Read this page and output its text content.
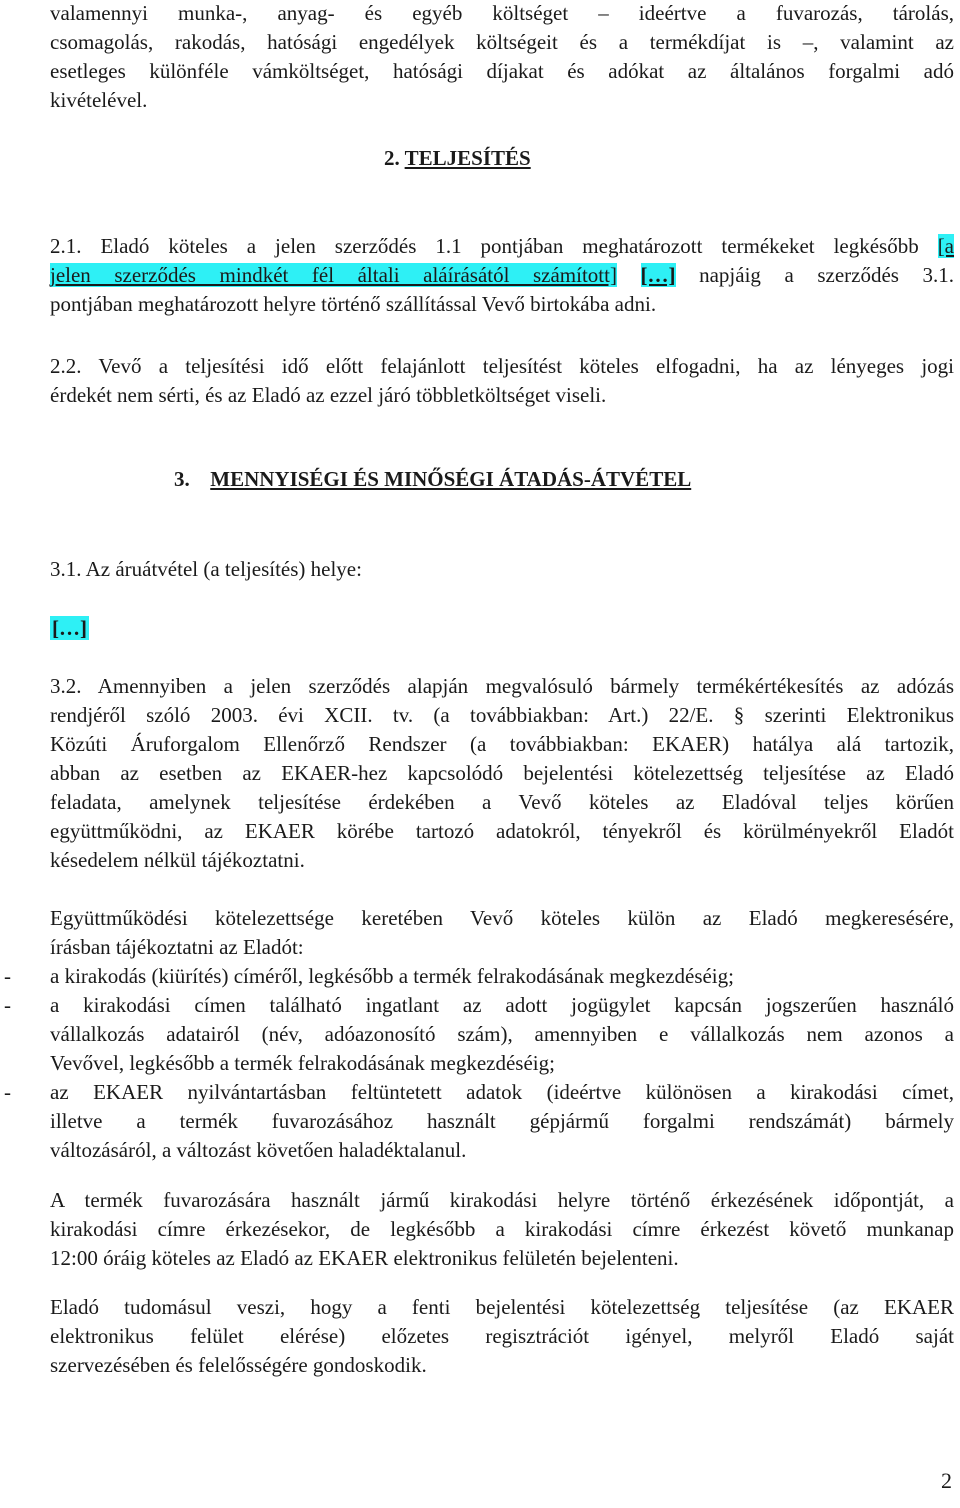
valamennyi munka-, anyag- és egyéb költséget – ideértve a fuvarozás, tárolás,
csomagolás, rakodás, hatósági engedélyek költségeit és a termékdíjat is –, valamint az
esetleges különféle vámköltséget, hatósági díjakat és adókat az általános forgalmi adó
kivételével.
2. TELJESÍTÉS
2.1. Eladó köteles a jelen szerződés 1.1 pontjában meghatározott termékeket legkésőbb [a
jelen szerződés mindkét fél általi aláírásától számított] […] napjáig a szerződés 3.1.
pontjában meghatározott helyre történő szállítással Vevő birtokába adni.
2.2. Vevő a teljesítési idő előtt felajánlott teljesítést köteles elfogadni, ha az lényeges jogi
érdekét nem sérti, és az Eladó az ezzel járó többletköltséget viseli.
3. MENNYISÉGI ÉS MINŐSÉGI ÁTADÁS-ÁTVÉTEL
3.1. Az áruátvétel (a teljesítés) helye:
[…]
3.2. Amennyiben a jelen szerződés alapján megvalósuló bármely termékértékesítés az adózás
rendjéről szóló 2003. évi XCII. tv. (a továbbiakban: Art.) 22/E. § szerinti Elektronikus
Közúti Áruforgalom Ellenőrző Rendszer (a továbbiakban: EKAER) hatálya alá tartozik,
abban az esetben az EKAER-hez kapcsolódó bejelentési kötelezettség teljesítése az Eladó
feladata, amelynek teljesítése érdekében a Vevő köteles az Eladóval teljes körűen
együttműködni, az EKAER körébe tartozó adatokról, tényekről és körülményekről Eladót
késedelem nélkül tájékoztatni.
Együttműködési kötelezettsége keretében Vevő köteles külön az Eladó megkeresésére,
írásban tájékoztatni az Eladót:
- a kirakodás (kiürítés) címéről, legkésőbb a termék felrakodásának megkezdéséig;
- a kirakodási címen található ingatlant az adott jogügylet kapcsán jogszerűen használó
vállalkozás adatairól (név, adóazonosító szám), amennyiben e vállalkozás nem azonos a
Vevővel, legkésőbb a termék felrakodásának megkezdéséig;
- az EKAER nyilvántartásban feltüntetett adatok (ideértve különösen a kirakodási címet,
illetve a termék fuvarozásához használt gépjármű forgalmi rendszámát) bármely
változásáról, a változást követően haladéktalanul.
A termék fuvarozására használt jármű kirakodási helyre történő érkezésének időpontját, a
kirakodási címre érkezésekor, de legkésőbb a kirakodási címre érkezést követő munkanap
12:00 óráig köteles az Eladó az EKAER elektronikus felületén bejelenteni.
Eladó tudomásul veszi, hogy a fenti bejelentési kötelezettség teljesítése (az EKAER
elektronikus felület elérése) előzetes regisztrációt igényel, melyről Eladó saját
szervezésében és felelősségére gondoskodik.
2
